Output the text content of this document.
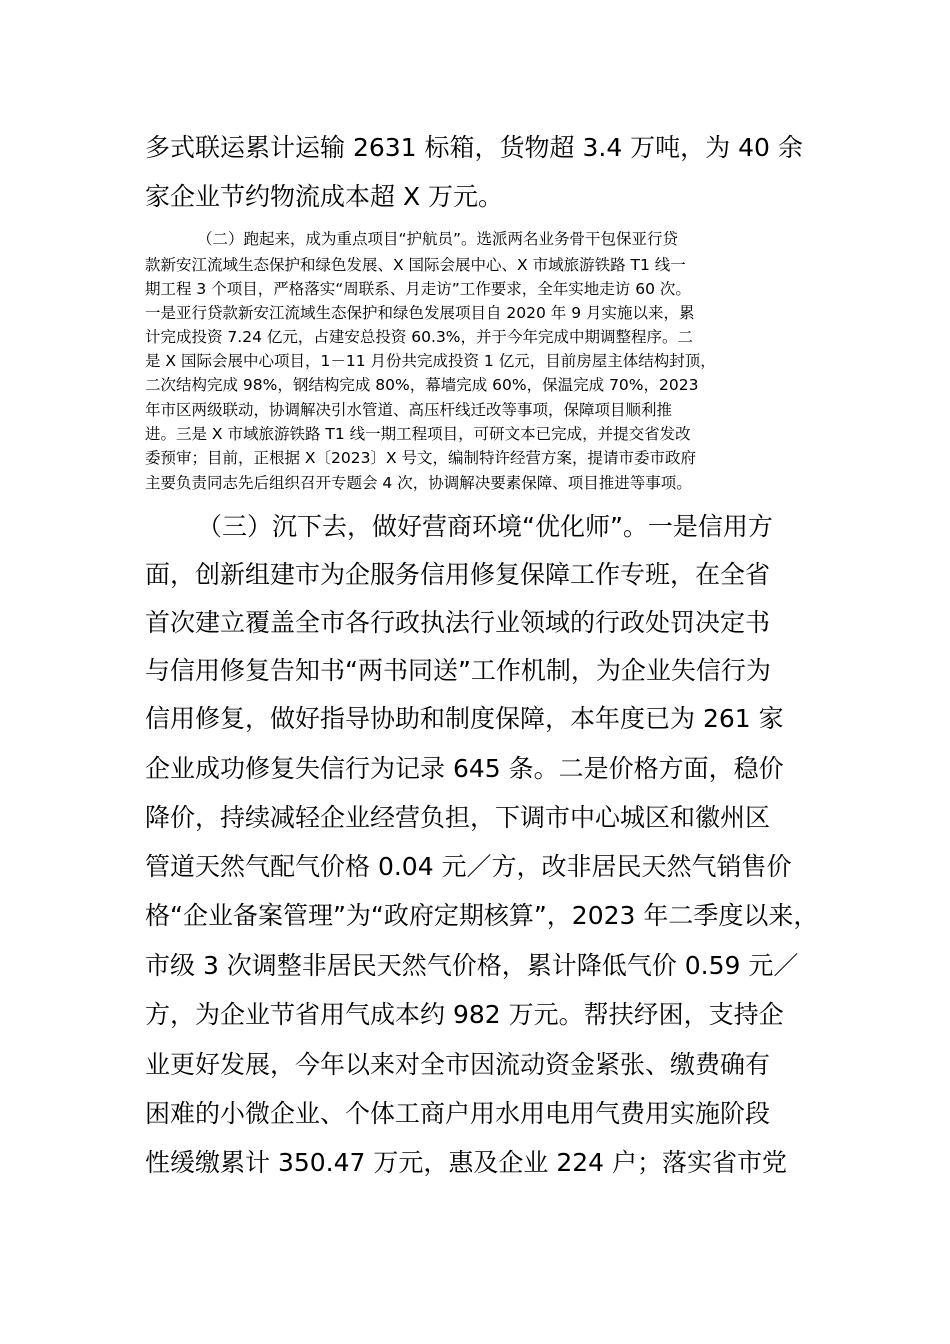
多式联运累计运输 2631 标箱，货物超 3.4 万吨，为 40 余
家企业节约物流成本超 X 万元。
（二）跑起来，成为重点项目“护航员”。选派两名业务骨干包保亚行贷
款新安江流域生态保护和绿色发展、X 国际会展中心、X 市域旅游铁路 T1 线一
期工程 3 个项目，严格落实“周联系、月走访”工作要求，全年实地走访 60 次。
一是亚行贷款新安江流域生态保护和绿色发展项目自 2020 年 9 月实施以来，累
计完成投资 7.24 亿元，占建安总投资 60.3%，并于今年完成中期调整程序。二
是 X 国际会展中心项目，1－11 月份共完成投资 1 亿元，目前房屋主体结构封顶，
二次结构完成 98%，钢结构完成 80%，幕墙完成 60%，保温完成 70%，2023
年市区两级联动，协调解决引水管道、高压杆线迁改等事项，保障项目顺利推
进。三是 X 市域旅游铁路 T1 线一期工程项目，可研文本已完成，并提交省发改
委预审；目前，正根据 X〔2023〕X 号文，编制特许经营方案，提请市委市政府
主要负责同志先后组织召开专题会 4 次，协调解决要素保障、项目推进等事项。
（三）沉下去，做好营商环境“优化师”。一是信用方
面，创新组建市为企服务信用修复保障工作专班，在全省
首次建立覆盖全市各行政执法行业领域的行政处罚决定书
与信用修复告知书“两书同送”工作机制，为企业失信行为
信用修复，做好指导协助和制度保障，本年度已为 261 家
企业成功修复失信行为记录 645 条。二是价格方面，稳价
降价，持续减轻企业经营负担，下调市中心城区和徽州区
管道天然气配气价格 0.04 元／方，改非居民天然气销售价
格“企业备案管理”为“政府定期核算”，2023 年二季度以来，
市级 3 次调整非居民天然气价格，累计降低气价 0.59 元／
方，为企业节省用气成本约 982 万元。帮扶纾困，支持企
业更好发展，今年以来对全市因流动资金紧张、缴费确有
困难的小微企业、个体工商户用水用电用气费用实施阶段
性缓缴累计 350.47 万元，惠及企业 224 户；落实省市党
